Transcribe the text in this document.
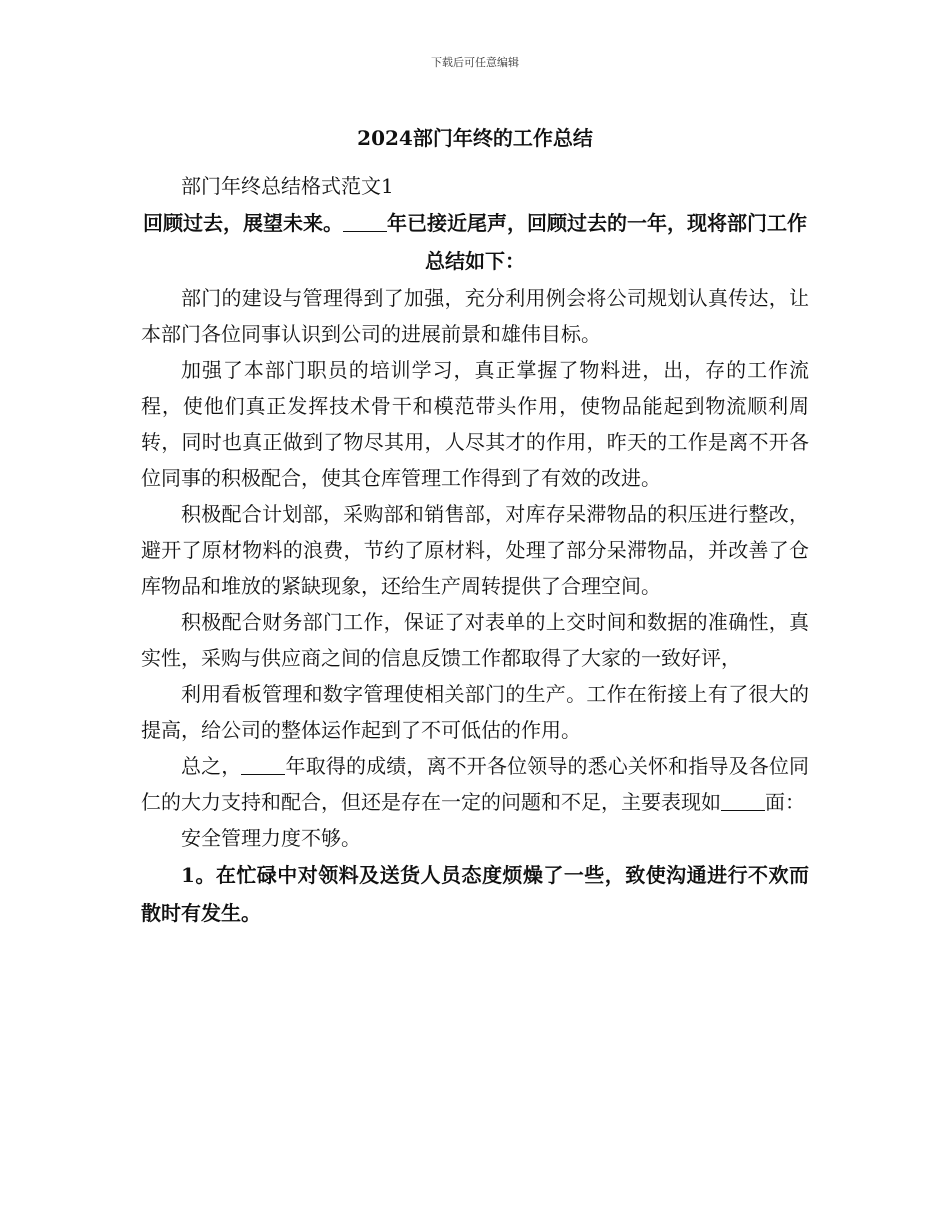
下载后可任意编辑
2024部门年终的工作总结

部门年终总结格式范文1

回顾过去，展望未来。 年已接近尾声，回顾过去的一年，现将部门工作总结如下：

部门的建设与管理得到了加强，充分利用例会将公司规划认真传达，让本部门各位同事认识到公司的进展前景和雄伟目标。

加强了本部门职员的培训学习，真正掌握了物料进，出，存的工作流程，使他们真正发挥技术骨干和模范带头作用，使物品能起到物流顺利周转，同时也真正做到了物尽其用，人尽其才的作用，昨天的工作是离不开各位同事的积极配合，使其仓库管理工作得到了有效的改进。

积极配合计划部，采购部和销售部，对库存呆滞物品的积压进行整改，避开了原材物料的浪费，节约了原材料，处理了部分呆滞物品，并改善了仓库物品和堆放的紧缺现象，还给生产周转提供了合理空间。

积极配合财务部门工作，保证了对表单的上交时间和数据的准确性，真实性，采购与供应商之间的信息反馈工作都取得了大家的一致好评，

利用看板管理和数字管理使相关部门的生产。工作在衔接上有了很大的提高，给公司的整体运作起到了不可低估的作用。

总之， 年取得的成绩，离不开各位领导的悉心关怀和指导及各位同仁的大力支持和配合，但还是存在一定的问题和不足，主要表现如 面：

安全管理力度不够。

1。在忙碌中对领料及送货人员态度烦燥了一些，致使沟通进行不欢而散时有发生。
